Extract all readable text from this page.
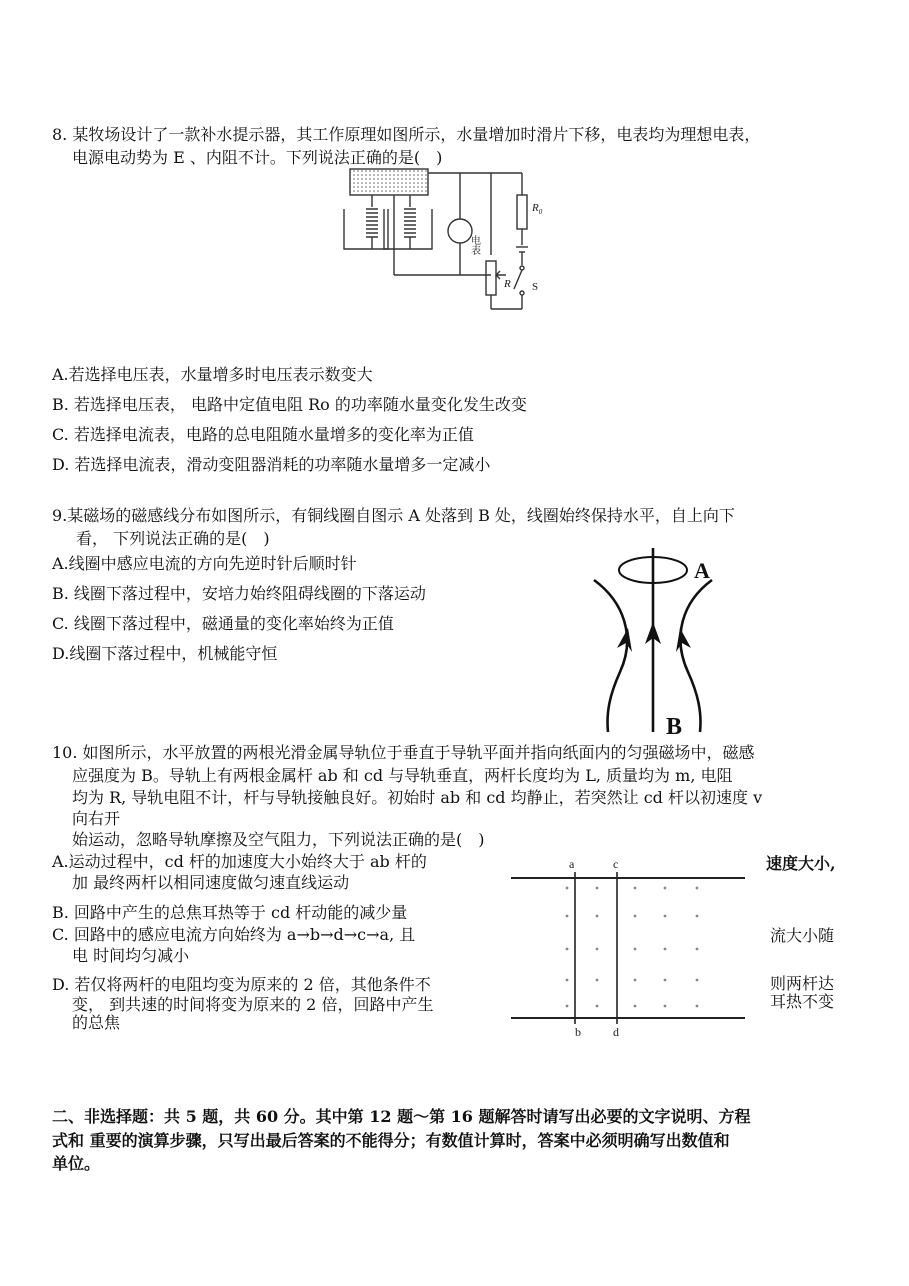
8. 某牧场设计了一款补水提示器，其工作原理如图所示，水量增加时滑片下移，电表均为理想电表，
电源电动势为 E 、内阻不计。下列说法正确的是(　)
电表
$R_0$
R S
A.若选择电压表，水量增多时电压表示数变大
B. 若选择电压表， 电路中定值电阻 Ro 的功率随水量变化发生改变
C. 若选择电流表，电路的总电阻随水量增多的变化率为正值
D. 若选择电流表，滑动变阻器消耗的功率随水量增多一定减小
9.某磁场的磁感线分布如图所示，有铜线圈自图示 A 处落到 B 处，线圈始终保持水平，自上向下
看， 下列说法正确的是(　)
A.线圈中感应电流的方向先逆时针后顺时针
B. 线圈下落过程中，安培力始终阻碍线圈的下落运动
C. 线圈下落过程中，磁通量的变化率始终为正值
D.线圈下落过程中，机械能守恒
A
B
10. 如图所示，水平放置的两根光滑金属导轨位于垂直于导轨平面并指向纸面内的匀强磁场中，磁感
应强度为 B。导轨上有两根金属杆 ab 和 cd 与导轨垂直，两杆长度均为 L, 质量均为 m, 电阻
均为 R, 导轨电阻不计，杆与导轨接触良好。初始时 ab 和 cd 均静止，若突然让 cd 杆以初速度 v
向右开
始运动，忽略导轨摩擦及空气阻力，下列说法正确的是(　)
A.运动过程中，cd 杆的加速度大小始终大于 ab 杆的
加 最终两杆以相同速度做匀速直线运动
速度大小,
B. 回路中产生的总焦耳热等于 cd 杆动能的减少量
C. 回路中的感应电流方向始终为 a→b→d→c→a, 且
电 时间均匀减小
流大小随
D. 若仅将两杆的电阻均变为原来的 2 倍，其他条件不
变， 到共速的时间将变为原来的 2 倍，回路中产生
的总焦
则两杆达
耳热不变
a	c
b	d
二、非选择题：共 5 题，共 60 分。其中第 12 题～第 16 题解答时请写出必要的文字说明、方程
式和 重要的演算步骤，只写出最后答案的不能得分；有数值计算时，答案中必须明确写出数值和
单位。
